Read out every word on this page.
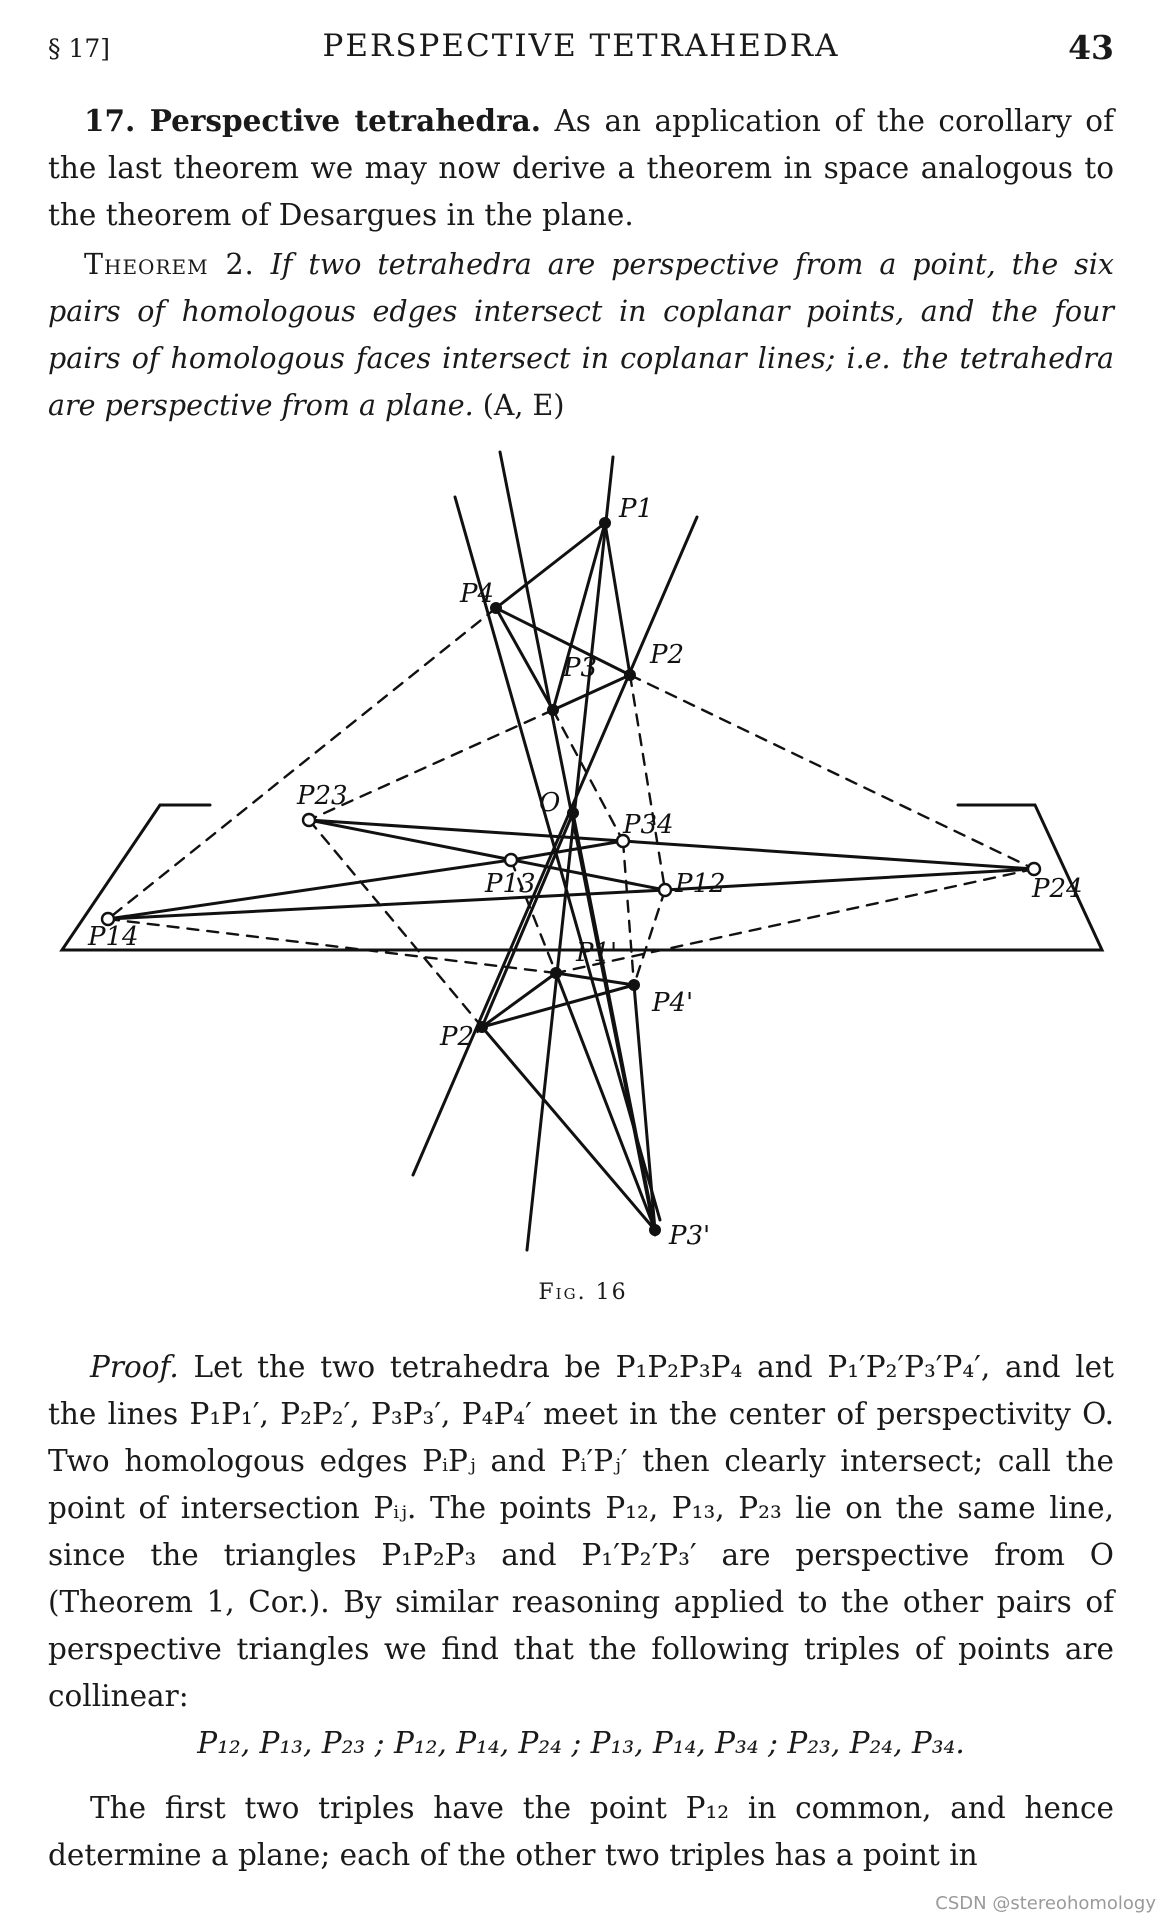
§ 17]	PERSPECTIVE TETRAHEDRA	43

17. Perspective tetrahedra. As an application of the corollary of the last theorem we may now derive a theorem in space analogous to the theorem of Desargues in the plane.

Theorem 2. If two tetrahedra are perspective from a point, the six pairs of homologous edges intersect in coplanar points, and the four pairs of homologous faces intersect in coplanar lines; i.e. the tetrahedra are perspective from a plane. (A, E)

P1
P2
P3
P4
O
P1'
P2'
P3'
P4'
P12
P13
P14
P23
P24
P34
Fig. 16
Proof. Let the two tetrahedra be P₁P₂P₃P₄ and P₁′P₂′P₃′P₄′, and let the lines P₁P₁′, P₂P₂′, P₃P₃′, P₄P₄′ meet in the center of perspectivity O. Two homologous edges PᵢPⱼ and Pᵢ′Pⱼ′ then clearly intersect; call the point of intersection Pᵢⱼ. The points P₁₂, P₁₃, P₂₃ lie on the same line, since the triangles P₁P₂P₃ and P₁′P₂′P₃′ are perspective from O (Theorem 1, Cor.). By similar reasoning applied to the other pairs of perspective triangles we find that the following triples of points are collinear:
P₁₂, P₁₃, P₂₃ ; P₁₂, P₁₄, P₂₄ ; P₁₃, P₁₄, P₃₄ ; P₂₃, P₂₄, P₃₄.

The first two triples have the point P₁₂ in common, and hence determine a plane; each of the other two triples has a point in

CSDN @stereohomology
